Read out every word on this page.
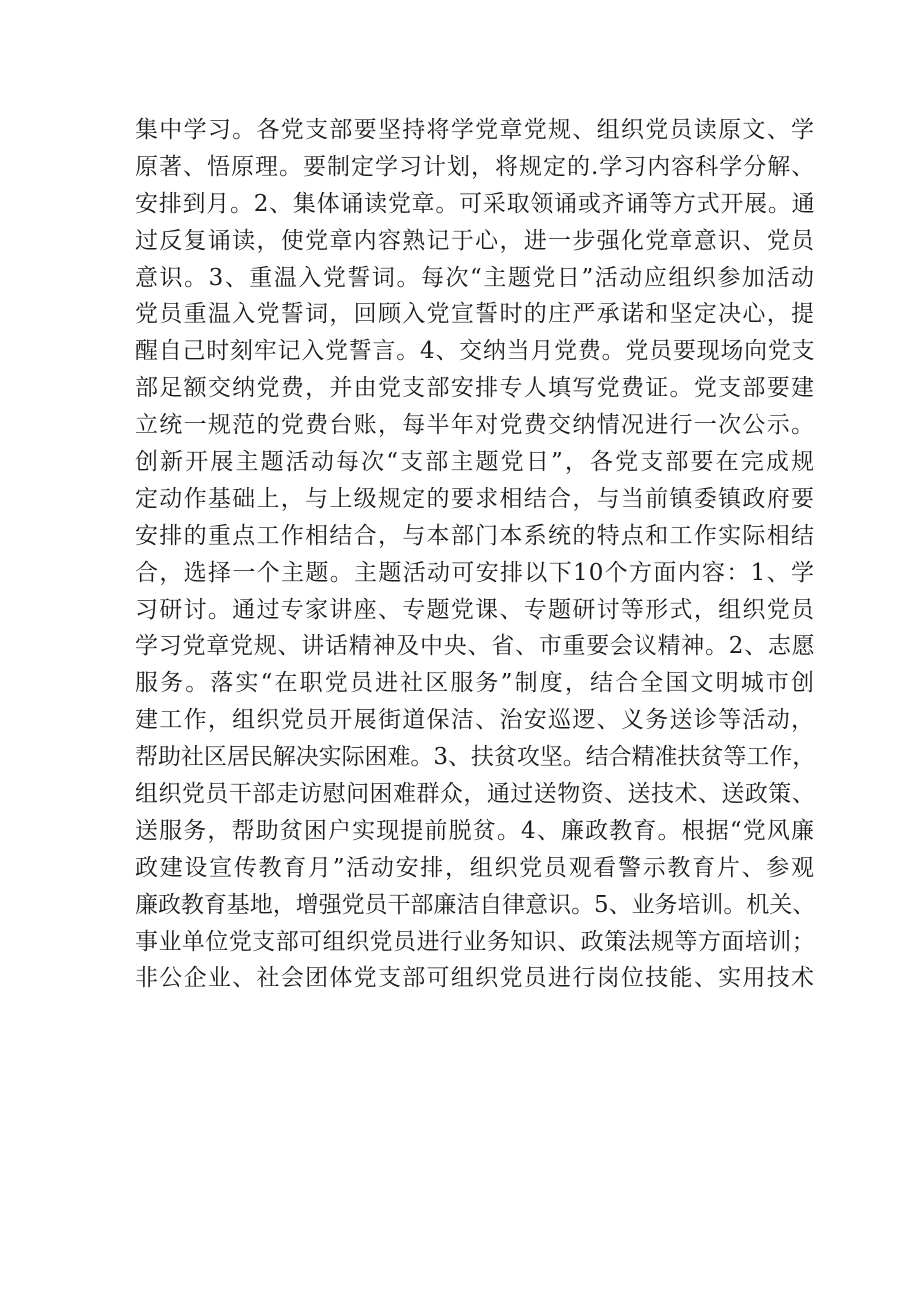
集中学习。各党支部要坚持将学党章党规、组织党员读原文、学
原著、悟原理。要制定学习计划，将规定的.学习内容科学分解、
安排到月。2、集体诵读党章。可采取领诵或齐诵等方式开展。通
过反复诵读，使党章内容熟记于心，进一步强化党章意识、党员
意识。3、重温入党誓词。每次“主题党日”活动应组织参加活动
党员重温入党誓词，回顾入党宣誓时的庄严承诺和坚定决心，提
醒自己时刻牢记入党誓言。4、交纳当月党费。党员要现场向党支
部足额交纳党费，并由党支部安排专人填写党费证。党支部要建
立统一规范的党费台账，每半年对党费交纳情况进行一次公示。
创新开展主题活动每次“支部主题党日”，各党支部要在完成规
定动作基础上，与上级规定的要求相结合，与当前镇委镇政府要
安排的重点工作相结合，与本部门本系统的特点和工作实际相结
合，选择一个主题。主题活动可安排以下10个方面内容：1、学
习研讨。通过专家讲座、专题党课、专题研讨等形式，组织党员
学习党章党规、讲话精神及中央、省、市重要会议精神。2、志愿
服务。落实“在职党员进社区服务”制度，结合全国文明城市创
建工作，组织党员开展街道保洁、治安巡逻、义务送诊等活动，
帮助社区居民解决实际困难。3、扶贫攻坚。结合精准扶贫等工作，
组织党员干部走访慰问困难群众，通过送物资、送技术、送政策、
送服务，帮助贫困户实现提前脱贫。4、廉政教育。根据“党风廉
政建设宣传教育月”活动安排，组织党员观看警示教育片、参观
廉政教育基地，增强党员干部廉洁自律意识。5、业务培训。机关、
事业单位党支部可组织党员进行业务知识、政策法规等方面培训；
非公企业、社会团体党支部可组织党员进行岗位技能、实用技术
